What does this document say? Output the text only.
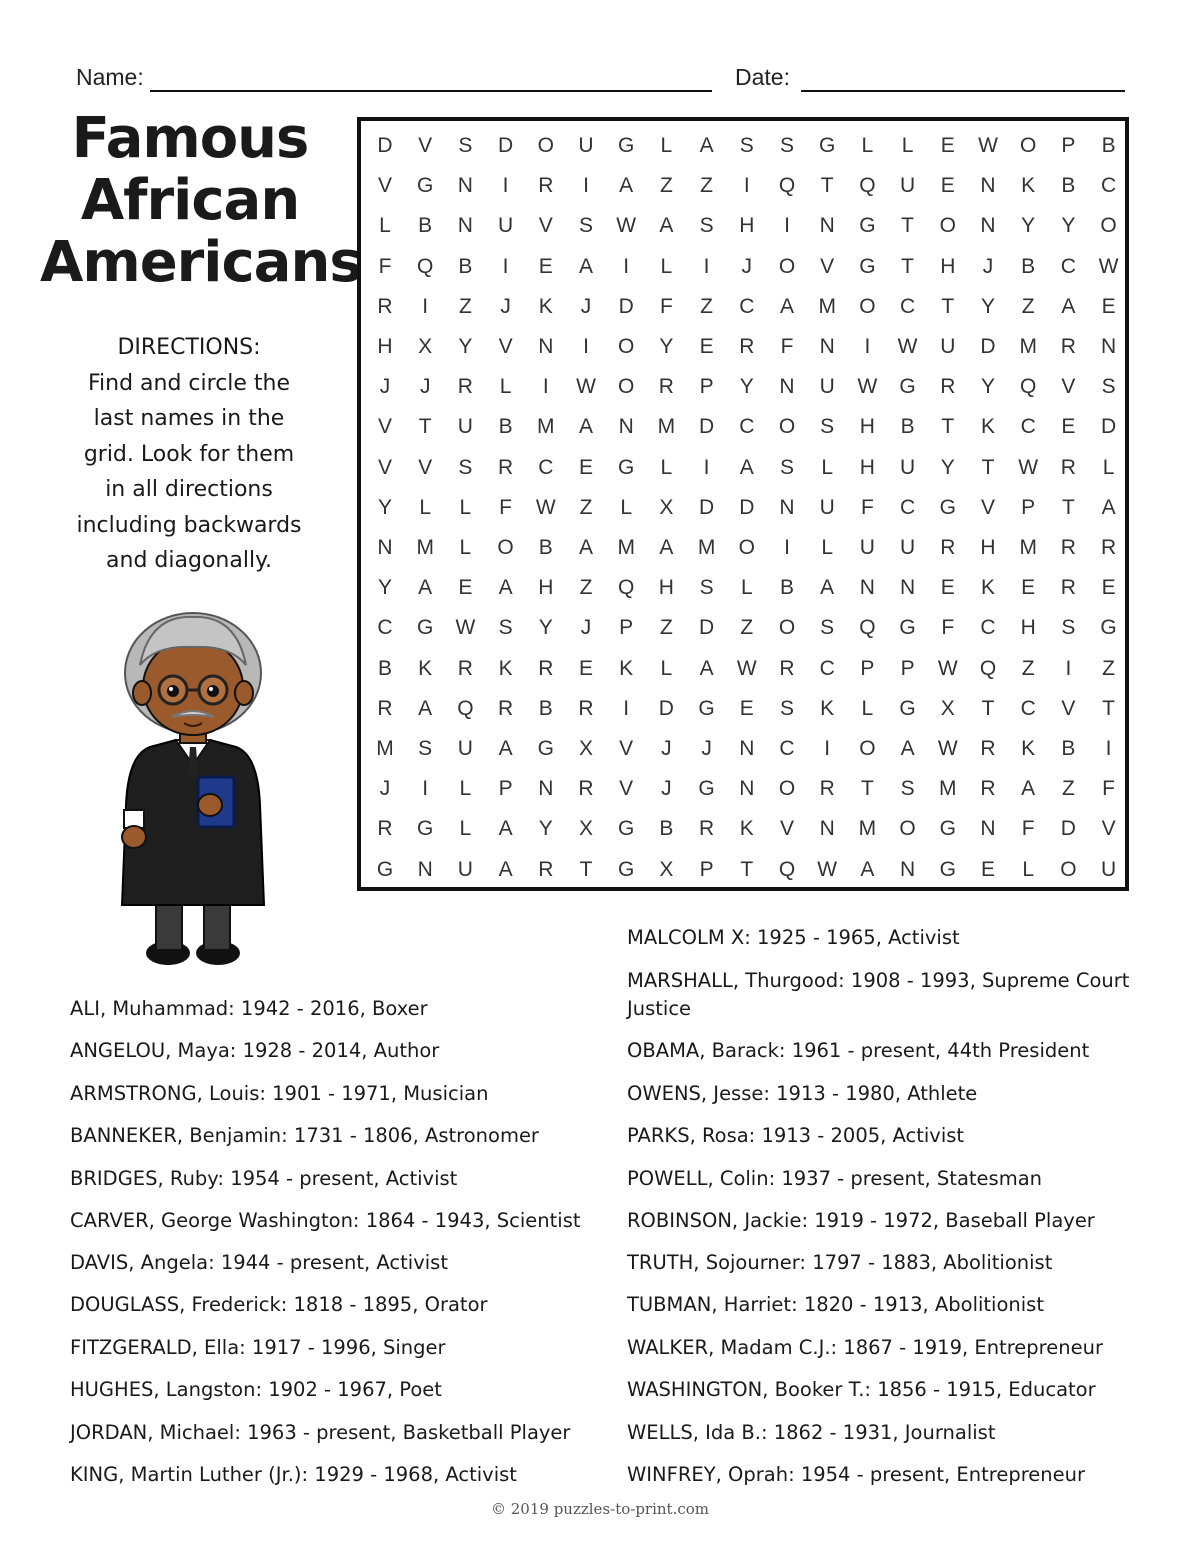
Name:	Date:
Famous
African
Americans
DIRECTIONS:
Find and circle the
last names in the
grid. Look for them
in all directions
including backwards
and diagonally.
D	V	S	D	O	U	G	L	A	S	S	G	L	L	E	W	O	P	B
V	G	N	I	R	I	A	Z	Z	I	Q	T	Q	U	E	N	K	B	C
L	B	N	U	V	S	W	A	S	H	I	N	G	T	O	N	Y	Y	O
F	Q	B	I	E	A	I	L	I	J	O	V	G	T	H	J	B	C	W
R	I	Z	J	K	J	D	F	Z	C	A	M	O	C	T	Y	Z	A	E
H	X	Y	V	N	I	O	Y	E	R	F	N	I	W	U	D	M	R	N
J	J	R	L	I	W	O	R	P	Y	N	U	W	G	R	Y	Q	V	S
V	T	U	B	M	A	N	M	D	C	O	S	H	B	T	K	C	E	D
V	V	S	R	C	E	G	L	I	A	S	L	H	U	Y	T	W	R	L
Y	L	L	F	W	Z	L	X	D	D	N	U	F	C	G	V	P	T	A
N	M	L	O	B	A	M	A	M	O	I	L	U	U	R	H	M	R	R
Y	A	E	A	H	Z	Q	H	S	L	B	A	N	N	E	K	E	R	E
C	G	W	S	Y	J	P	Z	D	Z	O	S	Q	G	F	C	H	S	G
B	K	R	K	R	E	K	L	A	W	R	C	P	P	W	Q	Z	I	Z
R	A	Q	R	B	R	I	D	G	E	S	K	L	G	X	T	C	V	T
M	S	U	A	G	X	V	J	J	N	C	I	O	A	W	R	K	B	I
J	I	L	P	N	R	V	J	G	N	O	R	T	S	M	R	A	Z	F
R	G	L	A	Y	X	G	B	R	K	V	N	M	O	G	N	F	D	V
G	N	U	A	R	T	G	X	P	T	Q	W	A	N	G	E	L	O	U
ALI, Muhammad: 1942 - 2016, Boxer
ANGELOU, Maya: 1928 - 2014, Author
ARMSTRONG, Louis: 1901 - 1971, Musician
BANNEKER, Benjamin: 1731 - 1806, Astronomer
BRIDGES, Ruby: 1954 - present, Activist
CARVER, George Washington: 1864 - 1943, Scientist
DAVIS, Angela: 1944 - present, Activist
DOUGLASS, Frederick: 1818 - 1895, Orator
FITZGERALD, Ella: 1917 - 1996, Singer
HUGHES, Langston: 1902 - 1967, Poet
JORDAN, Michael: 1963 - present, Basketball Player
KING, Martin Luther (Jr.): 1929 - 1968, Activist
MALCOLM X: 1925 - 1965, Activist
MARSHALL, Thurgood: 1908 - 1993, Supreme Court Justice
OBAMA, Barack: 1961 - present, 44th President
OWENS, Jesse: 1913 - 1980, Athlete
PARKS, Rosa: 1913 - 2005, Activist
POWELL, Colin: 1937 - present, Statesman
ROBINSON, Jackie: 1919 - 1972, Baseball Player
TRUTH, Sojourner: 1797 - 1883, Abolitionist
TUBMAN, Harriet: 1820 - 1913, Abolitionist
WALKER, Madam C.J.: 1867 - 1919, Entrepreneur
WASHINGTON, Booker T.: 1856 - 1915, Educator
WELLS, Ida B.: 1862 - 1931, Journalist
WINFREY, Oprah: 1954 - present, Entrepreneur
© 2019 puzzles-to-print.com
